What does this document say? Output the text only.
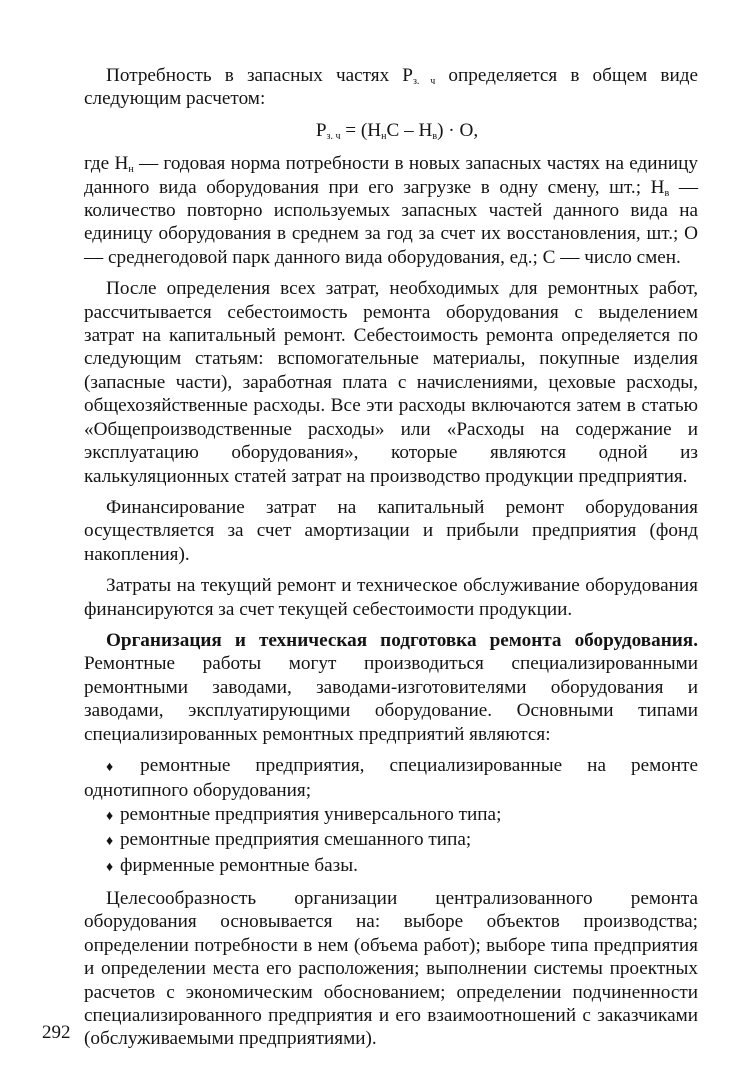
Потребность в запасных частях $Р_{з. ч}$ определяется в общем виде следующим расчетом:

$Р_{з. ч} = (Н_нС - Н_в) \cdot О$,

где $Н_н$ — годовая норма потребности в новых запасных частях на единицу данного вида оборудования при его загрузке в одну смену, шт.; $Н_в$ — количество повторно используемых запасных частей данного вида на единицу оборудования в среднем за год за счет их восстановления, шт.; О — среднегодовой парк данного вида оборудования, ед.; С — число смен.

После определения всех затрат, необходимых для ремонтных работ, рассчитывается себестоимость ремонта оборудования с выделением затрат на капитальный ремонт. Себестоимость ремонта определяется по следующим статьям: вспомогательные материалы, покупные изделия (запасные части), заработная плата с начислениями, цеховые расходы, общехозяйственные расходы. Все эти расходы включаются затем в статью «Общепроизводственные расходы» или «Расходы на содержание и эксплуатацию оборудования», которые являются одной из калькуляционных статей затрат на производство продукции предприятия.

Финансирование затрат на капитальный ремонт оборудования осуществляется за счет амортизации и прибыли предприятия (фонд накопления).

Затраты на текущий ремонт и техническое обслуживание оборудования финансируются за счет текущей себестоимости продукции.

Организация и техническая подготовка ремонта оборудования. Ремонтные работы могут производиться специализированными ремонтными заводами, заводами-изготовителями оборудования и заводами, эксплуатирующими оборудование. Основными типами специализированных ремонтных предприятий являются:

♦ ремонтные предприятия, специализированные на ремонте однотипного оборудования;
♦ ремонтные предприятия универсального типа;
♦ ремонтные предприятия смешанного типа;
♦ фирменные ремонтные базы.

Целесообразность организации централизованного ремонта оборудования основывается на: выборе объектов производства; определении потребности в нем (объема работ); выборе типа предприятия и определении места его расположения; выполнении системы проектных расчетов с экономическим обоснованием; определении подчиненности специализированного предприятия и его взаимоотношений с заказчиками (обслуживаемыми предприятиями).

292
